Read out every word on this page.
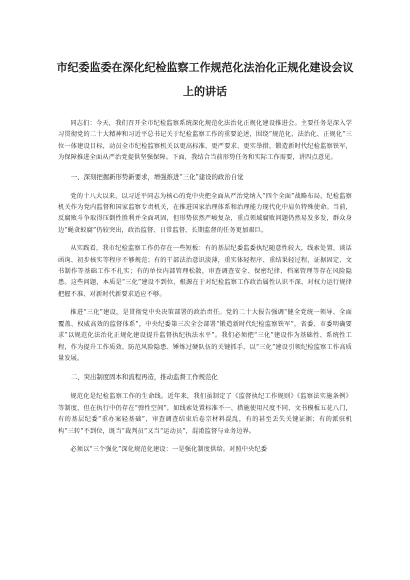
市纪委监委在深化纪检监察工作规范化法治化正规化建设会议
上的讲话

同志们：今天，我们召开全市纪检监察系统深化规范化法治化正规化建设推进会。主要任务是深入学习贯彻党的二十大精神和习近平总书记关于纪检监察工作的重要论述，围绕“规范化、法治化、正规化”三位一体建设目标，动员全市纪检监察机关以更高标准、更严要求、更实举措，锻造新时代纪检监察铁军，为保障推进全面从严治党提供坚强保障。下面，我结合当前形势任务和实际工作需要，讲四点意见。

一、深刻把握新形势新要求，增强推进“三化”建设的政治自觉

党的十八大以来，以习近平同志为核心的党中央把全面从严治党纳入“四个全面”战略布局，纪检监察机关作为党内监督和国家监察专责机关，在推进国家治理体系和治理能力现代化中肩负特殊使命。当前，反腐败斗争取得压倒性胜利并全面巩固，但形势依然严峻复杂，重点领域腐败问题仍然易发多发，群众身边“蝇贪蚁腐”仍较突出，政治监督、日常监督、长期监督的任务更加艰巨。

从实践看，我市纪检监察工作仍存在一些短板：有的基层纪委监委执纪随意性较大，线索处置、谈话函询、初步核实等程序不够规范；有的干部法治意识淡薄，重实体轻程序、重结果轻过程，证据固定、文书制作等基础工作不扎实；有的单位内部管理松散，审查调查安全、保密纪律、档案管理等存在风险隐患。这些问题，本质是“三化”建设不到位，根源在于对纪检监察工作政治属性认识不深、对权力运行规律把握不准、对新时代新要求适应不够。

推进“三化”建设，是贯彻党中央决策部署的政治责任。党的二十大报告强调“健全党统一领导、全面覆盖、权威高效的监督体系”，中央纪委第三次全会部署“锻造新时代纪检监察铁军”，省委、市委明确要求“以规范化法治化正规化建设提升监督执纪执法水平”。我们必须把“三化”建设作为基础性、系统性工程，作为提升工作质效、防范风险隐患、锤炼过硬队伍的关键抓手，以“三化”建设引领纪检监察工作高质量发展。

二、突出制度固本和流程再造，推动监督工作规范化

规范化是纪检监察工作的生命线。近年来，我们虽制定了《监督执纪工作规则》《监察法实施条例》等制度，但在执行中仍存在“弹性空间”，如线索处置标准不一、措施使用尺度不同、文书模板五花八门，有的基层纪委“重办案轻基础”，审查调查结束后卷宗材料混乱，有的甚至丢失关键证据；有的派驻机构“三转”不到位，既当“裁判员”又当“运动员”，混淆监督与业务边界。

必须以“三个强化”深化规范化建设：一是强化制度供给。对照中央纪委
